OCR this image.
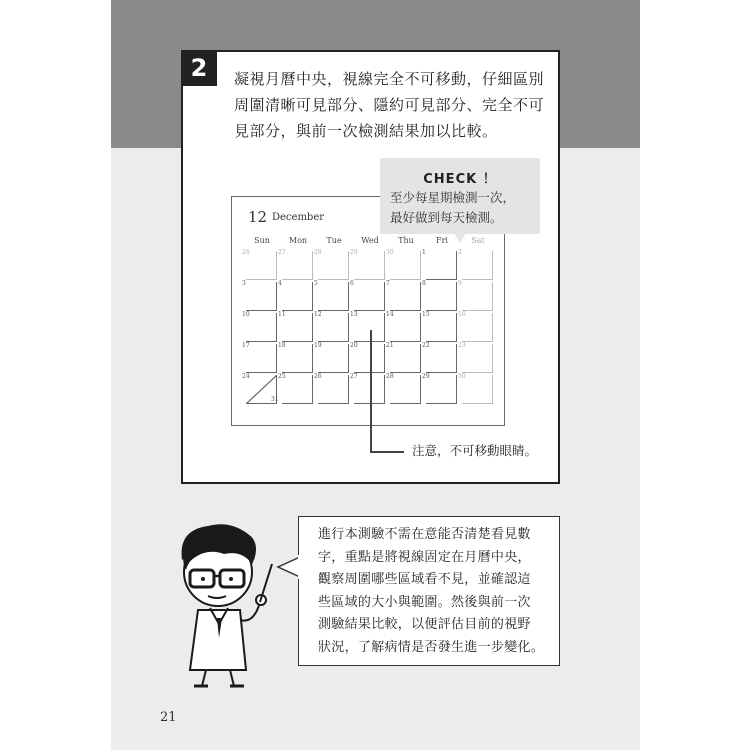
2	凝視月曆中央，視線完全不可移動，仔細區別
周圍清晰可見部分、隱約可見部分、完全不可
見部分，與前一次檢測結果加以比較。
12 December
Sun	Mon	Tue	Wed	Thu	Fri	Sat
26	27	28	29	30	1	2
3	4	5	6	7	8	9
10	11	12	13	14	15	16
17	18	19	20	21	22	23
24	25	26	27	28	29	30
31
注意，不可移動眼睛。
CHECK ！
至少每星期檢測一次，
最好做到每天檢測。
進行本測驗不需在意能否清楚看見數
字，重點是將視線固定在月曆中央，
觀察周圍哪些區域看不見，並確認這
些區域的大小與範圍。然後與前一次
測驗結果比較，以便評估目前的視野
狀況，了解病情是否發生進一步變化。
21
